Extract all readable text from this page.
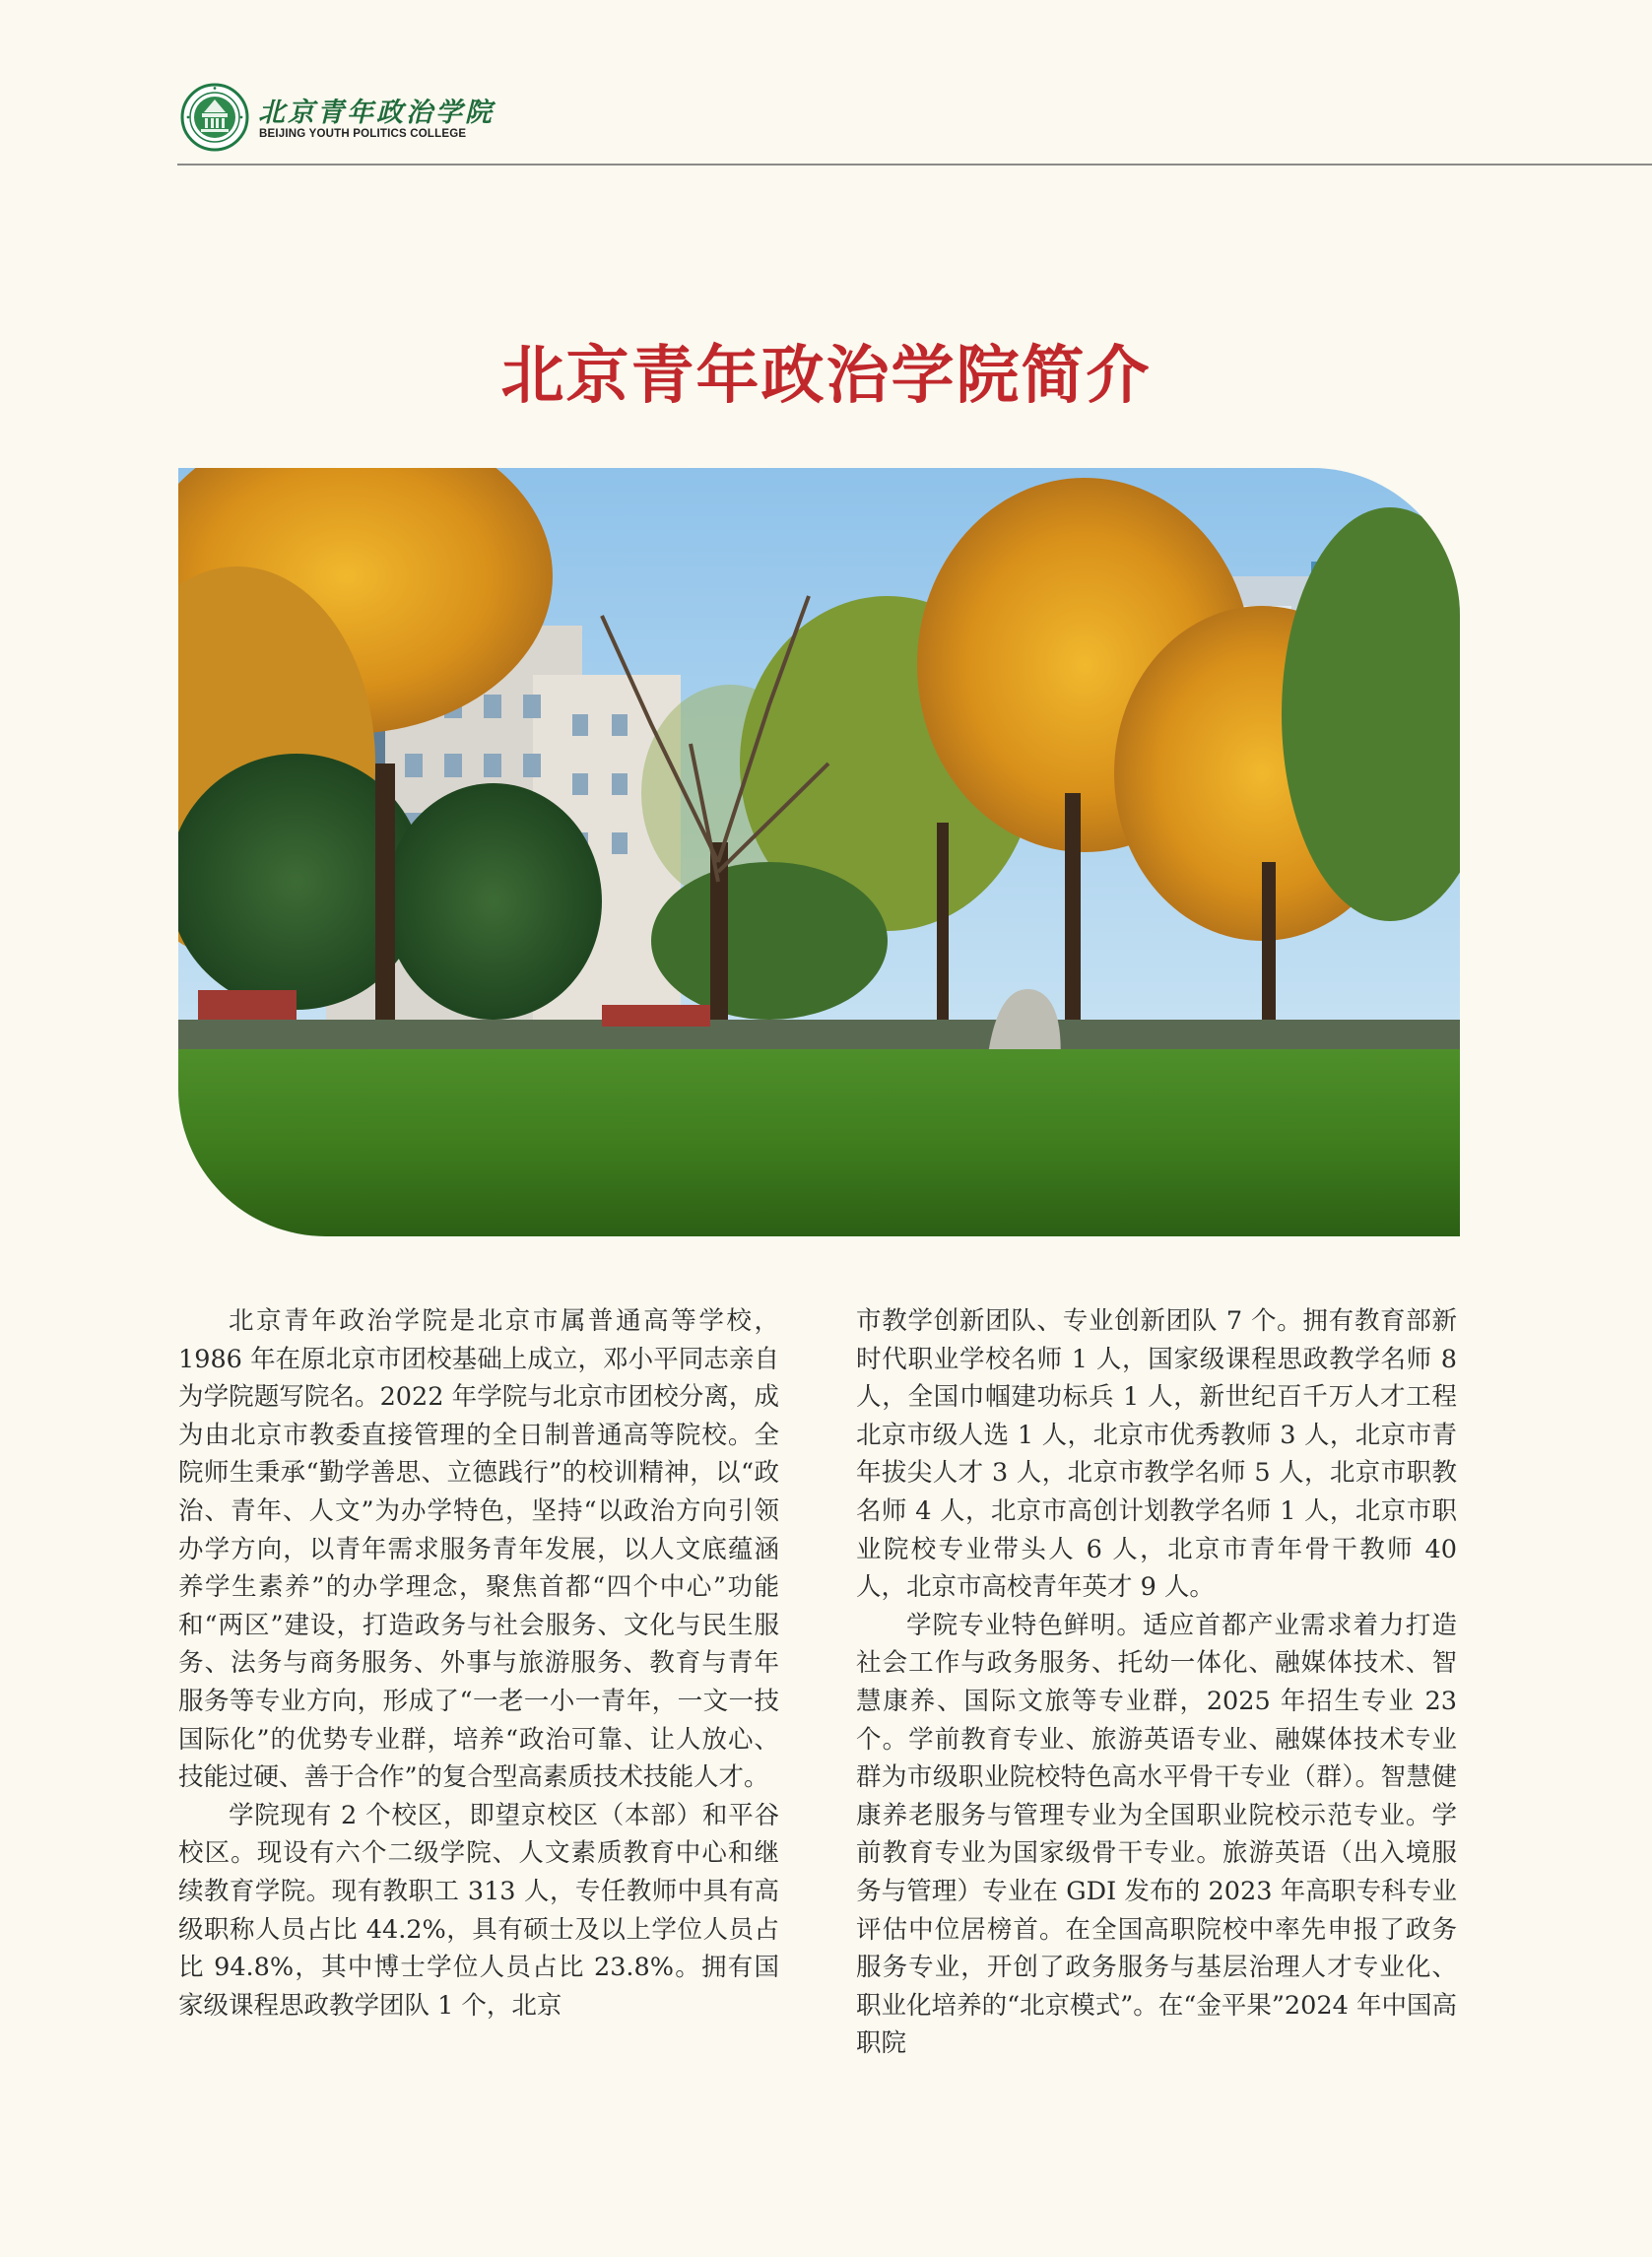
北京青年政治学院
BEIJING YOUTH POLITICS COLLEGE
北京青年政治学院简介

北京青年政治学院是北京市属普通高等学校，1986 年在原北京市团校基础上成立，邓小平同志亲自为学院题写院名。2022 年学院与北京市团校分离，成为由北京市教委直接管理的全日制普通高等院校。全院师生秉承“勤学善思、立德践行”的校训精神，以“政治、青年、人文”为办学特色，坚持“以政治方向引领办学方向，以青年需求服务青年发展，以人文底蕴涵养学生素养”的办学理念，聚焦首都“四个中心”功能和“两区”建设，打造政务与社会服务、文化与民生服务、法务与商务服务、外事与旅游服务、教育与青年服务等专业方向，形成了“一老一小一青年，一文一技国际化”的优势专业群，培养“政治可靠、让人放心、技能过硬、善于合作”的复合型高素质技术技能人才。

学院现有 2 个校区，即望京校区（本部）和平谷校区。现设有六个二级学院、人文素质教育中心和继续教育学院。现有教职工 313 人，专任教师中具有高级职称人员占比 44.2%，具有硕士及以上学位人员占比 94.8%，其中博士学位人员占比 23.8%。拥有国家级课程思政教学团队 1 个，北京

市教学创新团队、专业创新团队 7 个。拥有教育部新时代职业学校名师 1 人，国家级课程思政教学名师 8 人，全国巾帼建功标兵 1 人，新世纪百千万人才工程北京市级人选 1 人，北京市优秀教师 3 人，北京市青年拔尖人才 3 人，北京市教学名师 5 人，北京市职教名师 4 人，北京市高创计划教学名师 1 人，北京市职业院校专业带头人 6 人，北京市青年骨干教师 40 人，北京市高校青年英才 9 人。

学院专业特色鲜明。适应首都产业需求着力打造社会工作与政务服务、托幼一体化、融媒体技术、智慧康养、国际文旅等专业群，2025 年招生专业 23 个。学前教育专业、旅游英语专业、融媒体技术专业群为市级职业院校特色高水平骨干专业（群）。智慧健康养老服务与管理专业为全国职业院校示范专业。学前教育专业为国家级骨干专业。旅游英语（出入境服务与管理）专业在 GDI 发布的 2023 年高职专科专业评估中位居榜首。在全国高职院校中率先申报了政务服务专业，开创了政务服务与基层治理人才专业化、职业化培养的“北京模式”。在“金平果”2024 年中国高职院
